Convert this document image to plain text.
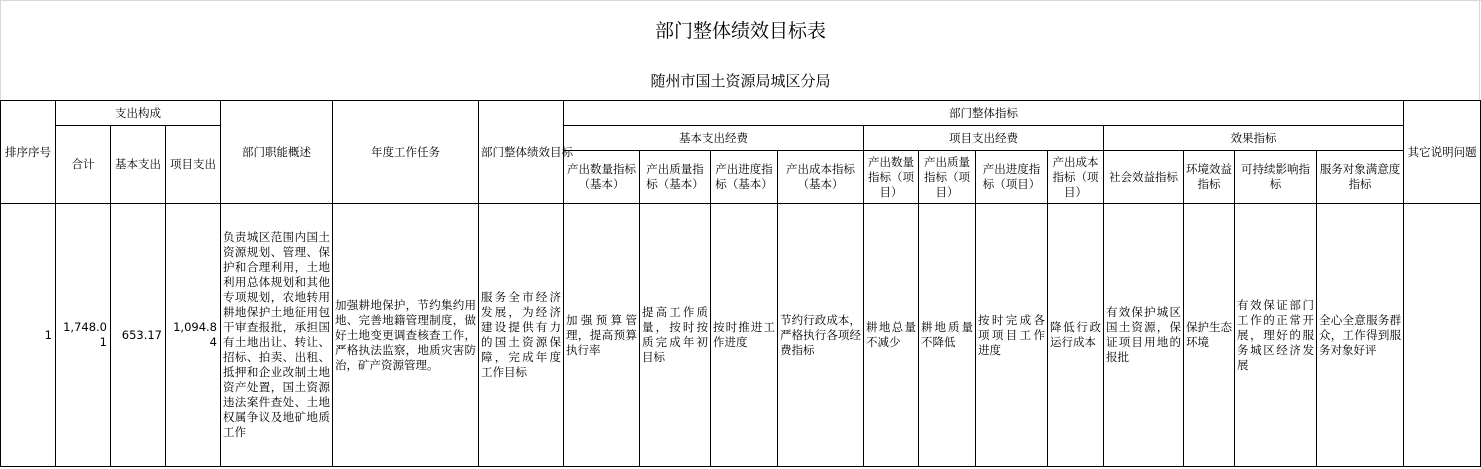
部门整体绩效目标表
随州市国土资源局城区分局
排序序号	支出构成			部门职能概述	年度工作任务	部门整体绩效目标	部门整体指标												其它说明问题
	合计	基本支出	项目支出				基本支出经费				项目支出经费				效果指标				
							产出数量指标（基本）	产出质量指标（基本）	产出进度指标（基本）	产出成本指标（基本）	产出数量指标（项目）	产出质量指标（项目）	产出进度指标（项目）	产出成本指标（项目）	社会效益指标	环境效益指标	可持续影响指标	服务对象满意度指标	
1	1,748.01	653.17	1,094.84	负责城区范围内国土资源规划、管理、保护和合理利用，土地利用总体规划和其他专项规划，农地转用耕地保护土地征用包干审查报批，承担国有土地出让、转让、招标、拍卖、出租、抵押和企业改制土地资产处置，国土资源违法案件查处、土地权属争议及地矿地质工作	加强耕地保护，节约集约用地、完善地籍管理制度，做好土地变更调查核查工作，严格执法监察，地质灾害防治，矿产资源管理。	服务全市经济发展，为经济建设提供有力的国土资源保障，完成年度工作目标	加强预算管理，提高预算执行率	提高工作质量，按时按质完成年初目标	按时推进工作进度	节约行政成本，严格执行各项经费指标	耕地总量不减少	耕地质量不降低	按时完成各项项目工作进度	降低行政运行成本	有效保护城区国土资源，保证项目用地的报批	保护生态环境	有效保证部门工作的正常开展，理好的服务城区经济发展	全心全意服务群众，工作得到服务对象好评	
